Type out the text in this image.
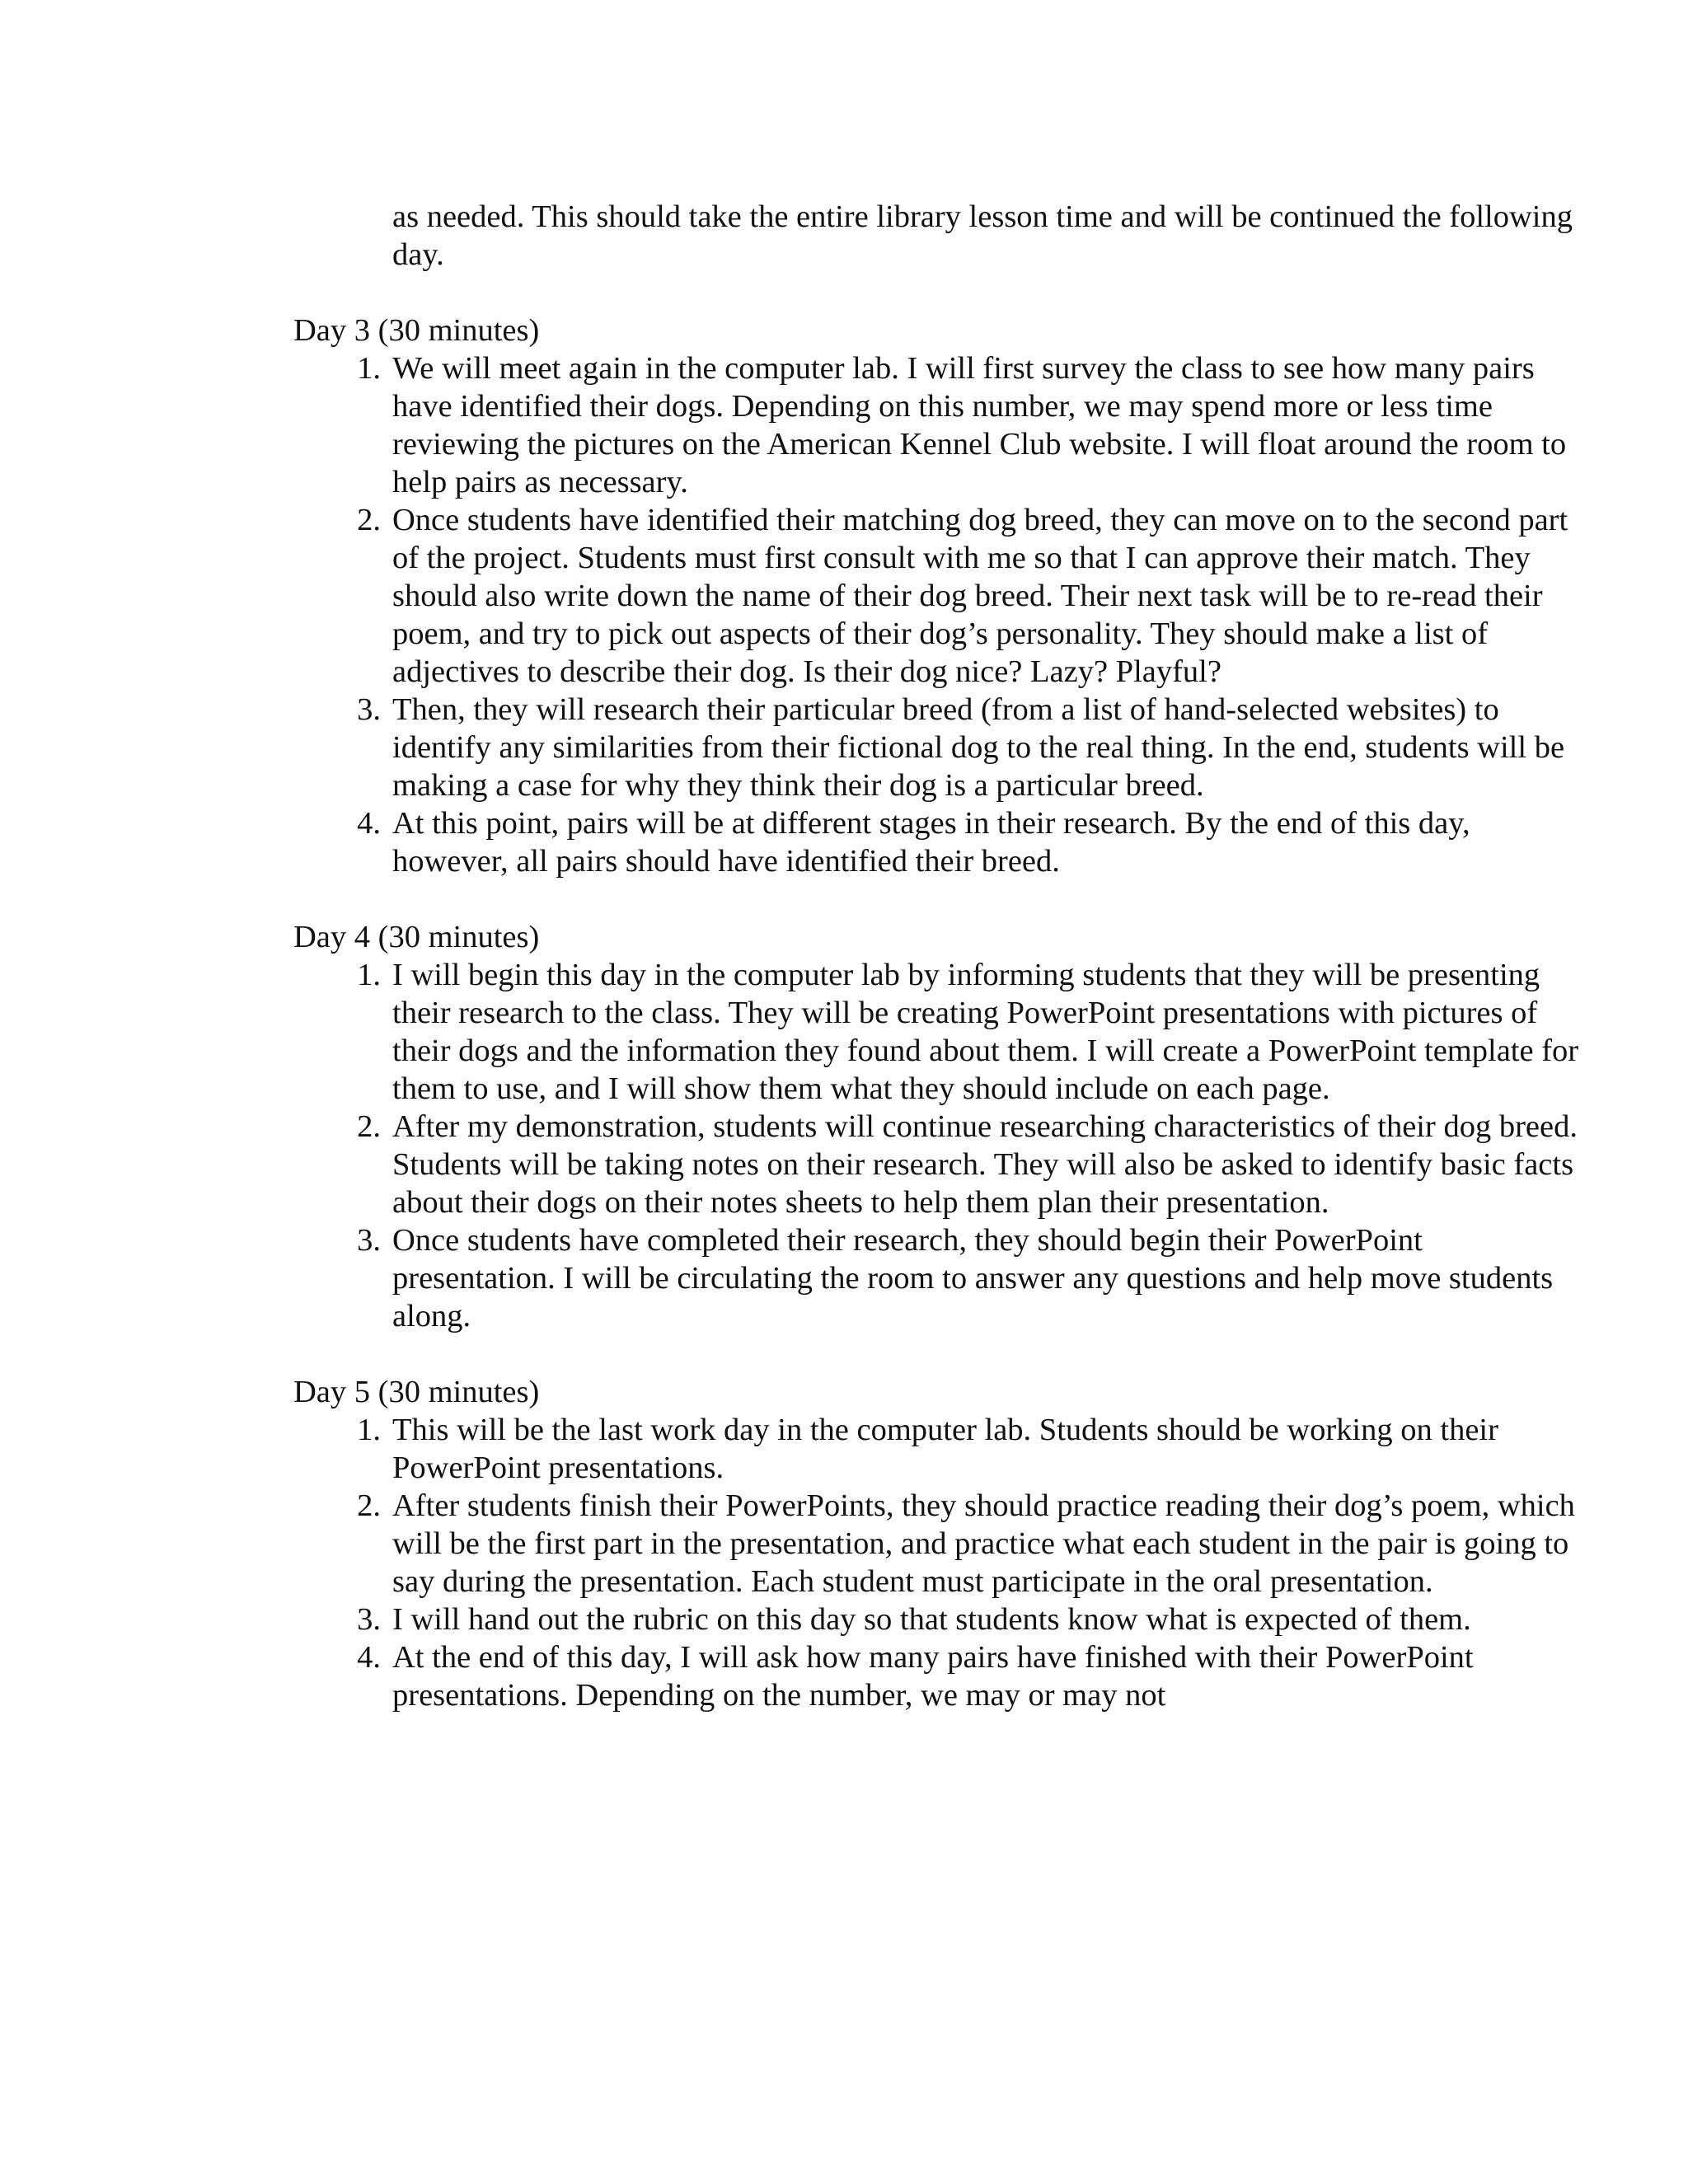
as needed. This should take the entire library lesson time and will be continued the following day.
Day 3 (30 minutes)
1. We will meet again in the computer lab. I will first survey the class to see how many pairs have identified their dogs. Depending on this number, we may spend more or less time reviewing the pictures on the American Kennel Club website. I will float around the room to help pairs as necessary.
2. Once students have identified their matching dog breed, they can move on to the second part of the project. Students must first consult with me so that I can approve their match. They should also write down the name of their dog breed. Their next task will be to re-read their poem, and try to pick out aspects of their dog’s personality. They should make a list of adjectives to describe their dog. Is their dog nice? Lazy? Playful?
3. Then, they will research their particular breed (from a list of hand-selected websites) to identify any similarities from their fictional dog to the real thing. In the end, students will be making a case for why they think their dog is a particular breed.
4. At this point, pairs will be at different stages in their research. By the end of this day, however, all pairs should have identified their breed.
Day 4 (30 minutes)
1. I will begin this day in the computer lab by informing students that they will be presenting their research to the class. They will be creating PowerPoint presentations with pictures of their dogs and the information they found about them. I will create a PowerPoint template for them to use, and I will show them what they should include on each page.
2. After my demonstration, students will continue researching characteristics of their dog breed. Students will be taking notes on their research. They will also be asked to identify basic facts about their dogs on their notes sheets to help them plan their presentation.
3. Once students have completed their research, they should begin their PowerPoint presentation. I will be circulating the room to answer any questions and help move students along.
Day 5 (30 minutes)
1. This will be the last work day in the computer lab. Students should be working on their PowerPoint presentations.
2. After students finish their PowerPoints, they should practice reading their dog’s poem, which will be the first part in the presentation, and practice what each student in the pair is going to say during the presentation. Each student must participate in the oral presentation.
3. I will hand out the rubric on this day so that students know what is expected of them.
4. At the end of this day, I will ask how many pairs have finished with their PowerPoint presentations. Depending on the number, we may or may not
